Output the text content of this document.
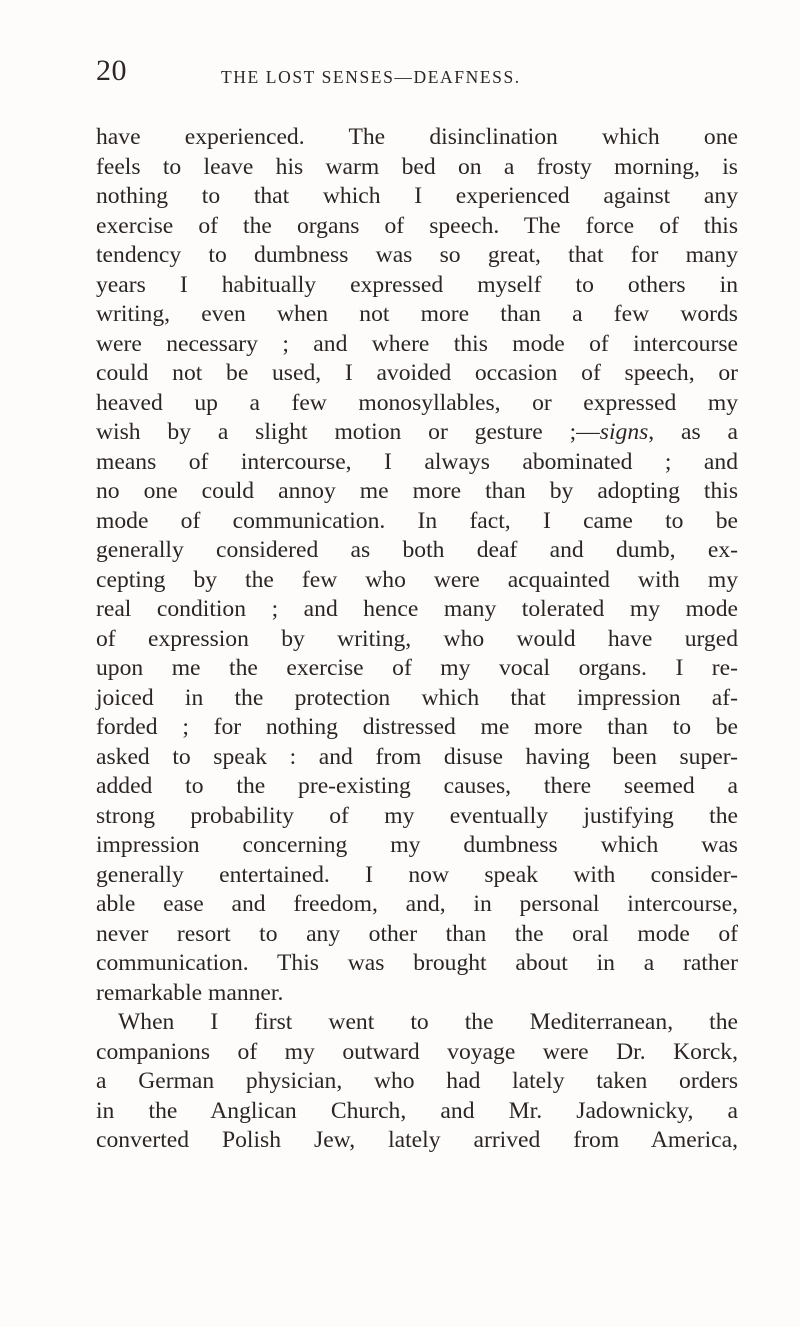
20	THE LOST SENSES—DEAFNESS.
have experienced. The disinclination which one
feels to leave his warm bed on a frosty morning, is
nothing to that which I experienced against any
exercise of the organs of speech. The force of this
tendency to dumbness was so great, that for many
years I habitually expressed myself to others in
writing, even when not more than a few words
were necessary ; and where this mode of intercourse
could not be used, I avoided occasion of speech, or
heaved up a few monosyllables, or expressed my
wish by a slight motion or gesture ;—signs, as a
means of intercourse, I always abominated ; and
no one could annoy me more than by adopting this
mode of communication. In fact, I came to be
generally considered as both deaf and dumb, ex-
cepting by the few who were acquainted with my
real condition ; and hence many tolerated my mode
of expression by writing, who would have urged
upon me the exercise of my vocal organs. I re-
joiced in the protection which that impression af-
forded ; for nothing distressed me more than to be
asked to speak : and from disuse having been super-
added to the pre-existing causes, there seemed a
strong probability of my eventually justifying the
impression concerning my dumbness which was
generally entertained. I now speak with consider-
able ease and freedom, and, in personal intercourse,
never resort to any other than the oral mode of
communication. This was brought about in a rather
remarkable manner.
When I first went to the Mediterranean, the
companions of my outward voyage were Dr. Korck,
a German physician, who had lately taken orders
in the Anglican Church, and Mr. Jadownicky, a
converted Polish Jew, lately arrived from America,
